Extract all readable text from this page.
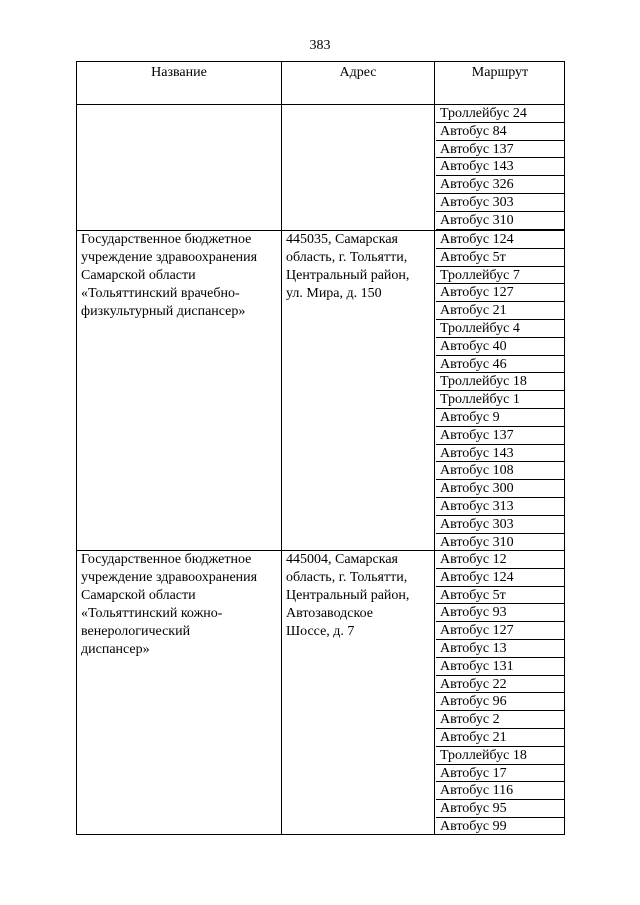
383
Название	Адрес	Маршрут
Троллейбус 24
Автобус 84
Автобус 137
Автобус 143
Автобус 326
Автобус 303
Автобус 310
Государственное бюджетное
учреждение здравоохранения
Самарской области
«Тольяттинский врачебно-
физкультурный диспансер»
445035, Самарская
область, г. Тольятти,
Центральный район,
ул. Мира, д. 150
Автобус 124
Автобус 5т
Троллейбус 7
Автобус 127
Автобус 21
Троллейбус 4
Автобус 40
Автобус 46
Троллейбус 18
Троллейбус 1
Автобус 9
Автобус 137
Автобус 143
Автобус 108
Автобус 300
Автобус 313
Автобус 303
Автобус 310
Государственное бюджетное
учреждение здравоохранения
Самарской области
«Тольяттинский кожно-
венерологический
диспансер»
445004, Самарская
область, г. Тольятти,
Центральный район,
Автозаводское
Шоссе, д. 7
Автобус 12
Автобус 124
Автобус 5т
Автобус 93
Автобус 127
Автобус 13
Автобус 131
Автобус 22
Автобус 96
Автобус 2
Автобус 21
Троллейбус 18
Автобус 17
Автобус 116
Автобус 95
Автобус 99
